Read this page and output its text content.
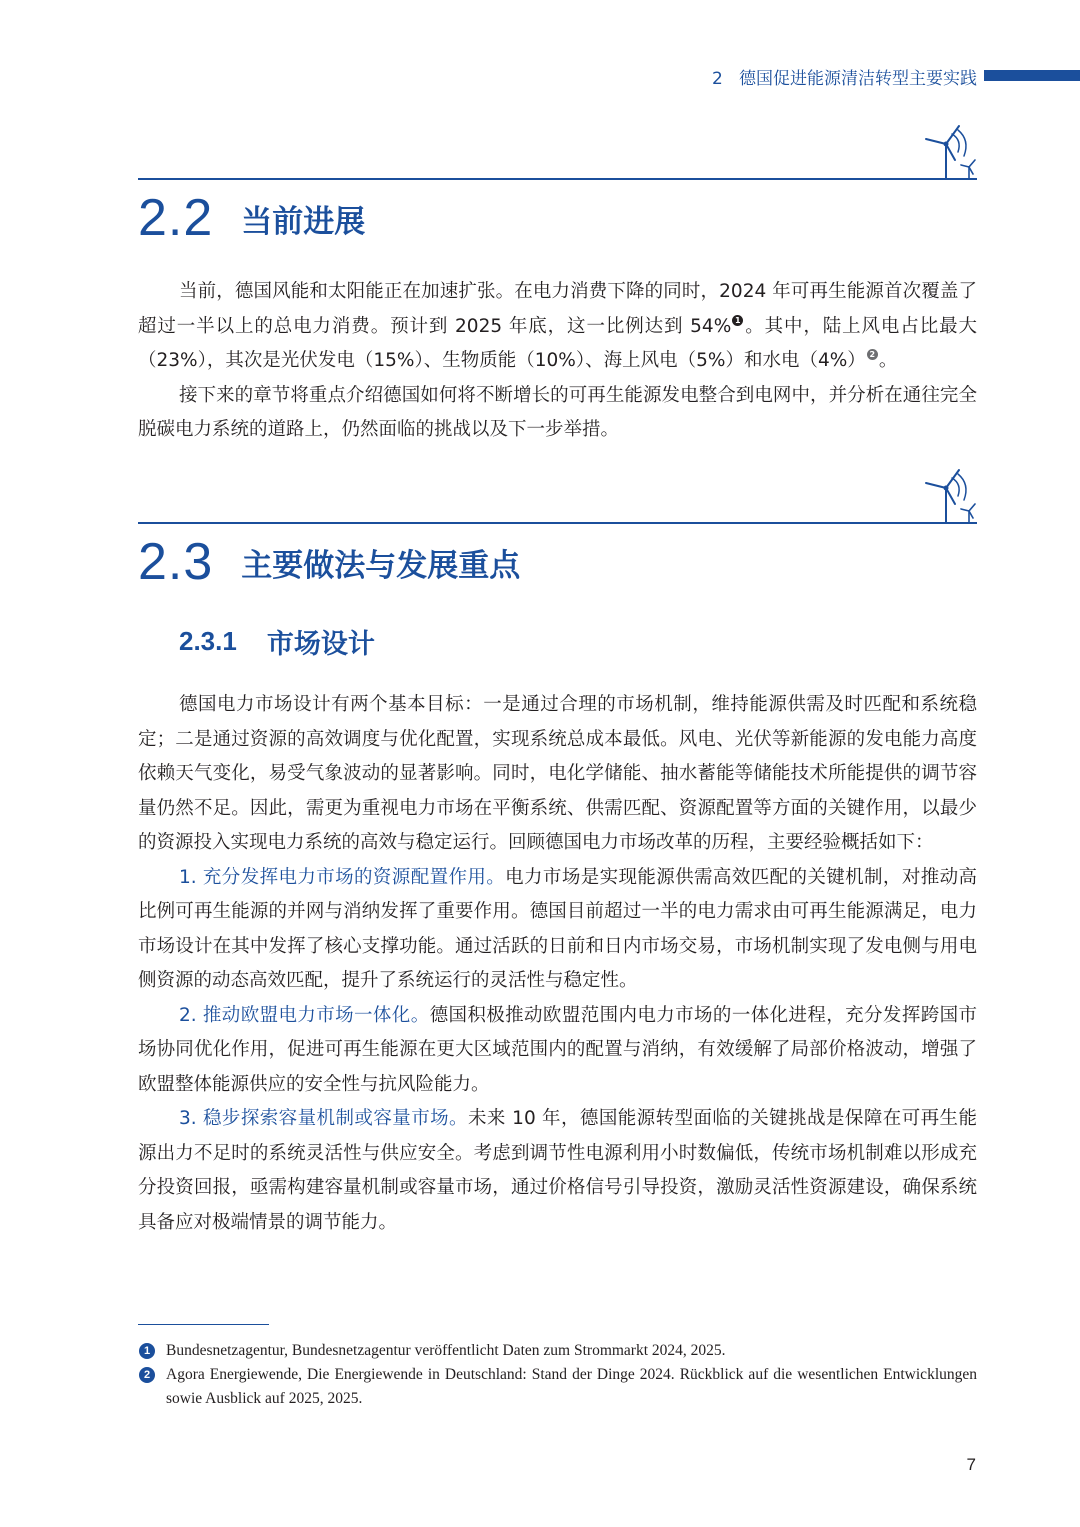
2 德国促进能源清洁转型主要实践
2.2 当前进展

当前，德国风能和太阳能正在加速扩张。在电力消费下降的同时，2024 年可再生能源首次覆盖了超过一半以上的总电力消费。预计到 2025 年底，这一比例达到 54% 1 。其中，陆上风电占比最大（23%），其次是光伏发电（15%）、生物质能（10%）、海上风电（5%）和水电（4%） 2 。

接下来的章节将重点介绍德国如何将不断增长的可再生能源发电整合到电网中，并分析在通往完全脱碳电力系统的道路上，仍然面临的挑战以及下一步举措。

2.3 主要做法与发展重点
2.3.1 市场设计

德国电力市场设计有两个基本目标：一是通过合理的市场机制，维持能源供需及时匹配和系统稳定；二是通过资源的高效调度与优化配置，实现系统总成本最低。风电、光伏等新能源的发电能力高度依赖天气变化，易受气象波动的显著影响。同时，电化学储能、抽水蓄能等储能技术所能提供的调节容量仍然不足。因此，需更为重视电力市场在平衡系统、供需匹配、资源配置等方面的关键作用，以最少的资源投入实现电力系统的高效与稳定运行。回顾德国电力市场改革的历程，主要经验概括如下：

1. 充分发挥电力市场的资源配置作用。电力市场是实现能源供需高效匹配的关键机制，对推动高比例可再生能源的并网与消纳发挥了重要作用。德国目前超过一半的电力需求由可再生能源满足，电力市场设计在其中发挥了核心支撑功能。通过活跃的日前和日内市场交易，市场机制实现了发电侧与用电侧资源的动态高效匹配，提升了系统运行的灵活性与稳定性。

2. 推动欧盟电力市场一体化。德国积极推动欧盟范围内电力市场的一体化进程，充分发挥跨国市场协同优化作用，促进可再生能源在更大区域范围内的配置与消纳，有效缓解了局部价格波动，增强了欧盟整体能源供应的安全性与抗风险能力。

3. 稳步探索容量机制或容量市场。未来 10 年，德国能源转型面临的关键挑战是保障在可再生能源出力不足时的系统灵活性与供应安全。考虑到调节性电源利用小时数偏低，传统市场机制难以形成充分投资回报，亟需构建容量机制或容量市场，通过价格信号引导投资，激励灵活性资源建设，确保系统具备应对极端情景的调节能力。

1	Bundesnetzagentur, Bundesnetzagentur veröffentlicht Daten zum Strommarkt 2024, 2025.
2	Agora Energiewende, Die Energiewende in Deutschland: Stand der Dinge 2024. Rückblick auf die wesentlichen Entwicklungen sowie Ausblick auf 2025, 2025.
7
